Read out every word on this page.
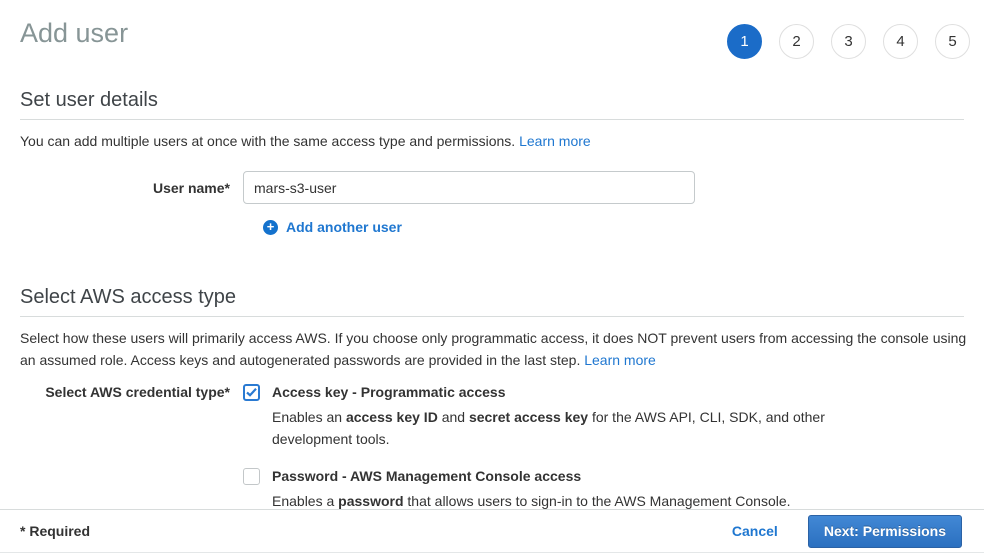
Add user	1	2	3	4	5
Set user details

You can add multiple users at once with the same access type and permissions. Learn more

User name*
mars-s3-user
+ Add another user
Select AWS access type

Select how these users will primarily access AWS. If you choose only programmatic access, it does NOT prevent users from accessing the console using an assumed role. Access keys and autogenerated passwords are provided in the last step. Learn more

Select AWS credential type*	Access key - Programmatic access
Enables an access key ID and secret access key for the AWS API, CLI, SDK, and other development tools.
Password - AWS Management Console access
Enables a password that allows users to sign-in to the AWS Management Console.
* Required	Cancel	Next: Permissions
